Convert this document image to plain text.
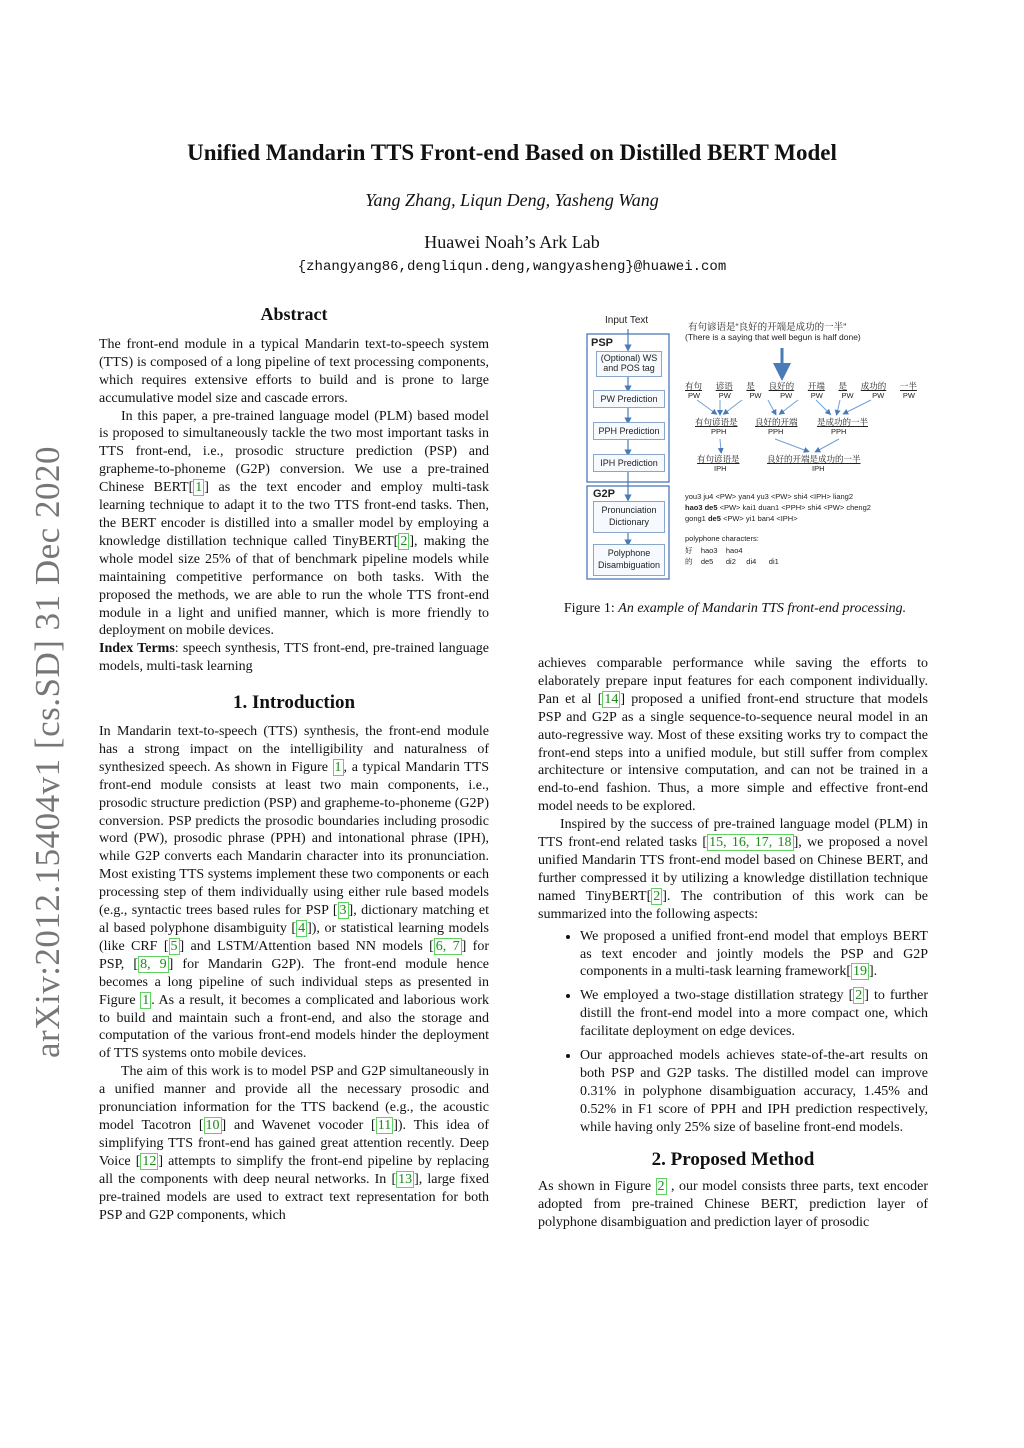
arXiv:2012.15404v1 [cs.SD] 31 Dec 2020
Unified Mandarin TTS Front-end Based on Distilled BERT Model
Yang Zhang, Liqun Deng, Yasheng Wang
Huawei Noah’s Ark Lab
{zhangyang86,dengliqun.deng,wangyasheng}@huawei.com
Abstract

The front-end module in a typical Mandarin text-to-speech system (TTS) is composed of a long pipeline of text processing components, which requires extensive efforts to build and is prone to large accumulative model size and cascade errors.

In this paper, a pre-trained language model (PLM) based model is proposed to simultaneously tackle the two most important tasks in TTS front-end, i.e., prosodic structure prediction (PSP) and grapheme-to-phoneme (G2P) conversion. We use a pre-trained Chinese BERT[ 1 ] as the text encoder and employ multi-task learning technique to adapt it to the two TTS front-end tasks. Then, the BERT encoder is distilled into a smaller model by employing a knowledge distillation technique called TinyBERT[ 2 ], making the whole model size 25% of that of benchmark pipeline models while maintaining competitive performance on both tasks. With the proposed the methods, we are able to run the whole TTS front-end module in a light and unified manner, which is more friendly to deployment on mobile devices.

Index Terms: speech synthesis, TTS front-end, pre-trained language models, multi-task learning

1. Introduction

In Mandarin text-to-speech (TTS) synthesis, the front-end module has a strong impact on the intelligibility and naturalness of synthesized speech. As shown in Figure 1 , a typical Mandarin TTS front-end module consists at least two main components, i.e., prosodic structure prediction (PSP) and grapheme-to-phoneme (G2P) conversion. PSP predicts the prosodic boundaries including prosodic word (PW), prosodic phrase (PPH) and intonational phrase (IPH), while G2P converts each Mandarin character into its pronunciation. Most existing TTS systems implement these two components or each processing step of them individually using either rule based models (e.g., syntactic trees based rules for PSP [ 3 ], dictionary matching et al based polyphone disambiguity [ 4 ]), or statistical learning models (like CRF [ 5 ] and LSTM/Attention based NN models [ 6, 7 ] for PSP, [ 8, 9 ] for Mandarin G2P). The front-end module hence becomes a long pipeline of such individual steps as presented in Figure 1 . As a result, it becomes a complicated and laborious work to build and maintain such a front-end, and also the storage and computation of the various front-end models hinder the deployment of TTS systems onto mobile devices.

The aim of this work is to model PSP and G2P simultaneously in a unified manner and provide all the necessary prosodic and pronunciation information for the TTS backend (e.g., the acoustic model Tacotron [ 10 ] and Wavenet vocoder [ 11 ]). This idea of simplifying TTS front-end has gained great attention recently. Deep Voice [ 12 ] attempts to simplify the front-end pipeline by replacing all the components with deep neural networks. In [ 13 ], large fixed pre-trained models are used to extract text representation for both PSP and G2P components, which

Input Text
PSP
(Optional) WS and POS tag
PW Prediction
PPH Prediction
IPH Prediction
G2P
Pronunciation Dictionary
Polyphone Disambiguation
有句谚语是“良好的开端是成功的一半”
(There is a saying that well begun is half done)
有句 谚语 是 良好的 开端 是 成功的 一半
PW PW PW PW PW PW PW PW
有句谚语是 良好的开端 是成功的一半
PPH	PPH	PPH
有句谚语是	良好的开端是成功的一半
IPH	IPH
you3 ju4 <PW> yan4 yu3 <PW> shi4 <IPH> liang2
hao3 de5 <PW> kai1 duan1 <PPH> shi4 <PW> cheng2
gong1 de5 <PW> yi1 ban4 <IPH>
polyphone characters:
好    hao3    hao4
的    de5      di2     di4      di1
Figure 1: An example of Mandarin TTS front-end processing.

achieves comparable performance while saving the efforts to elaborately prepare input features for each component individually. Pan et al [ 14 ] proposed a unified front-end structure that models PSP and G2P as a single sequence-to-sequence neural model in an auto-regressive way. Most of these exsiting works try to compact the front-end steps into a unified module, but still suffer from complex architecture or intensive computation, and can not be trained in a end-to-end fashion. Thus, a more simple and effective front-end model needs to be explored.

Inspired by the success of pre-trained language model (PLM) in TTS front-end related tasks [ 15, 16, 17, 18 ], we proposed a novel unified Mandarin TTS front-end model based on Chinese BERT, and further compressed it by utilizing a knowledge distillation technique named TinyBERT[ 2 ]. The contribution of this work can be summarized into the following aspects:

• We proposed a unified front-end model that employs BERT as text encoder and jointly models the PSP and G2P components in a multi-task learning framework[ 19 ].
• We employed a two-stage distillation strategy [ 2 ] to further distill the front-end model into a more compact one, which facilitate deployment on edge devices.
• Our approached models achieves state-of-the-art results on both PSP and G2P tasks. The distilled model can improve 0.31% in polyphone disambiguation accuracy, 1.45% and 0.52% in F1 score of PPH and IPH prediction respectively, while having only 25% size of baseline front-end models.
2. Proposed Method

As shown in Figure 2 , our model consists three parts, text encoder adopted from pre-trained Chinese BERT, prediction layer of polyphone disambiguation and prediction layer of prosodic
